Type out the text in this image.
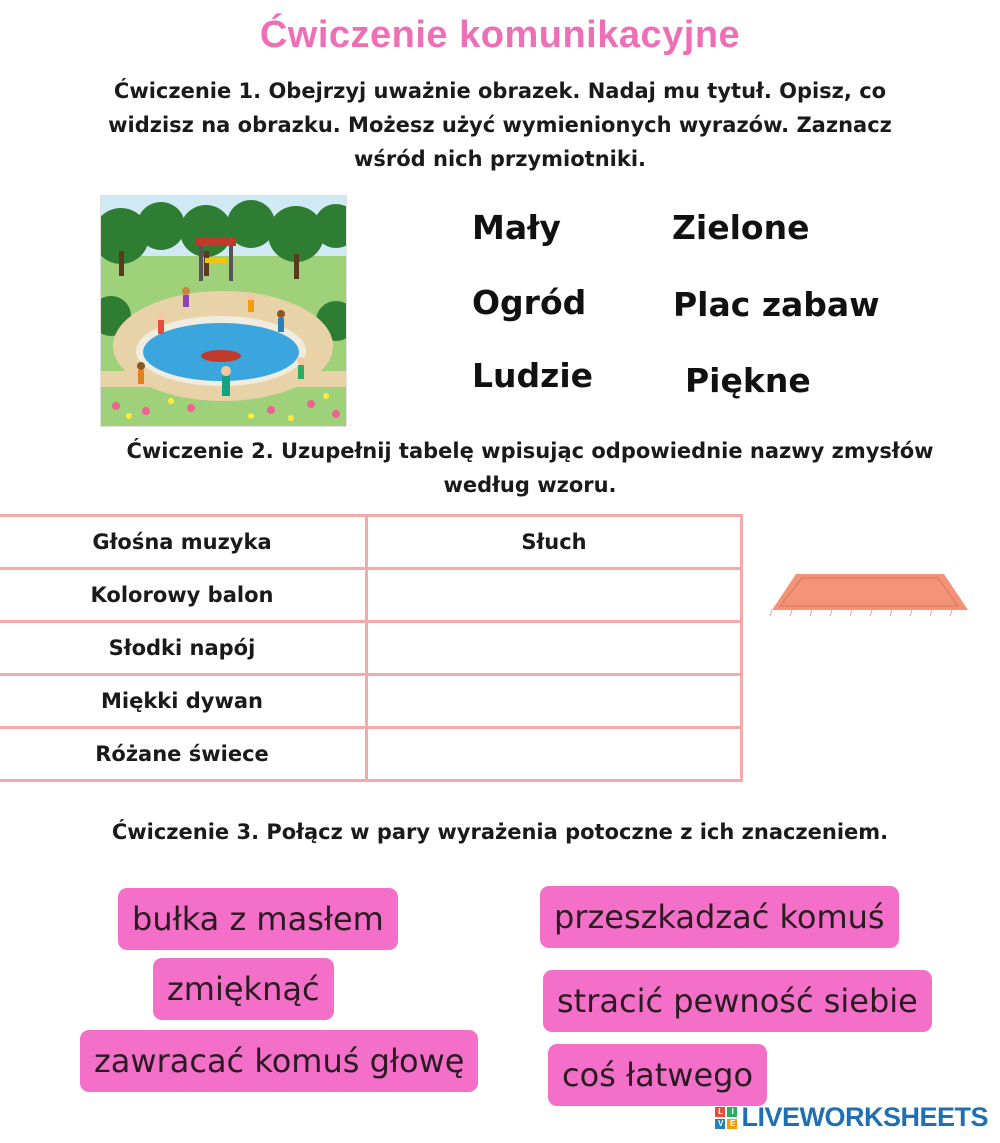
Ćwiczenie komunikacyjne
Ćwiczenie 1. Obejrzyj uważnie obrazek. Nadaj mu tytuł. Opisz, co widzisz na obrazku. Możesz użyć wymienionych wyrazów. Zaznacz wśród nich przymiotniki.
Mały	Zielone
Ogród	Plac zabaw
Ludzie	Piękne
Ćwiczenie 2. Uzupełnij tabelę wpisując odpowiednie nazwy zmysłów według wzoru.
Głośna muzyka	Słuch
Kolorowy balon	
Słodki napój	
Miękki dywan	
Różane świece	
Ćwiczenie 3. Połącz w pary wyrażenia potoczne z ich znaczeniem.
bułka z masłem
zmięknąć
zawracać komuś głowę
przeszkadzać komuś
stracić pewność siebie
coś łatwego
L	I
V E LIVEWORKSHEETS
